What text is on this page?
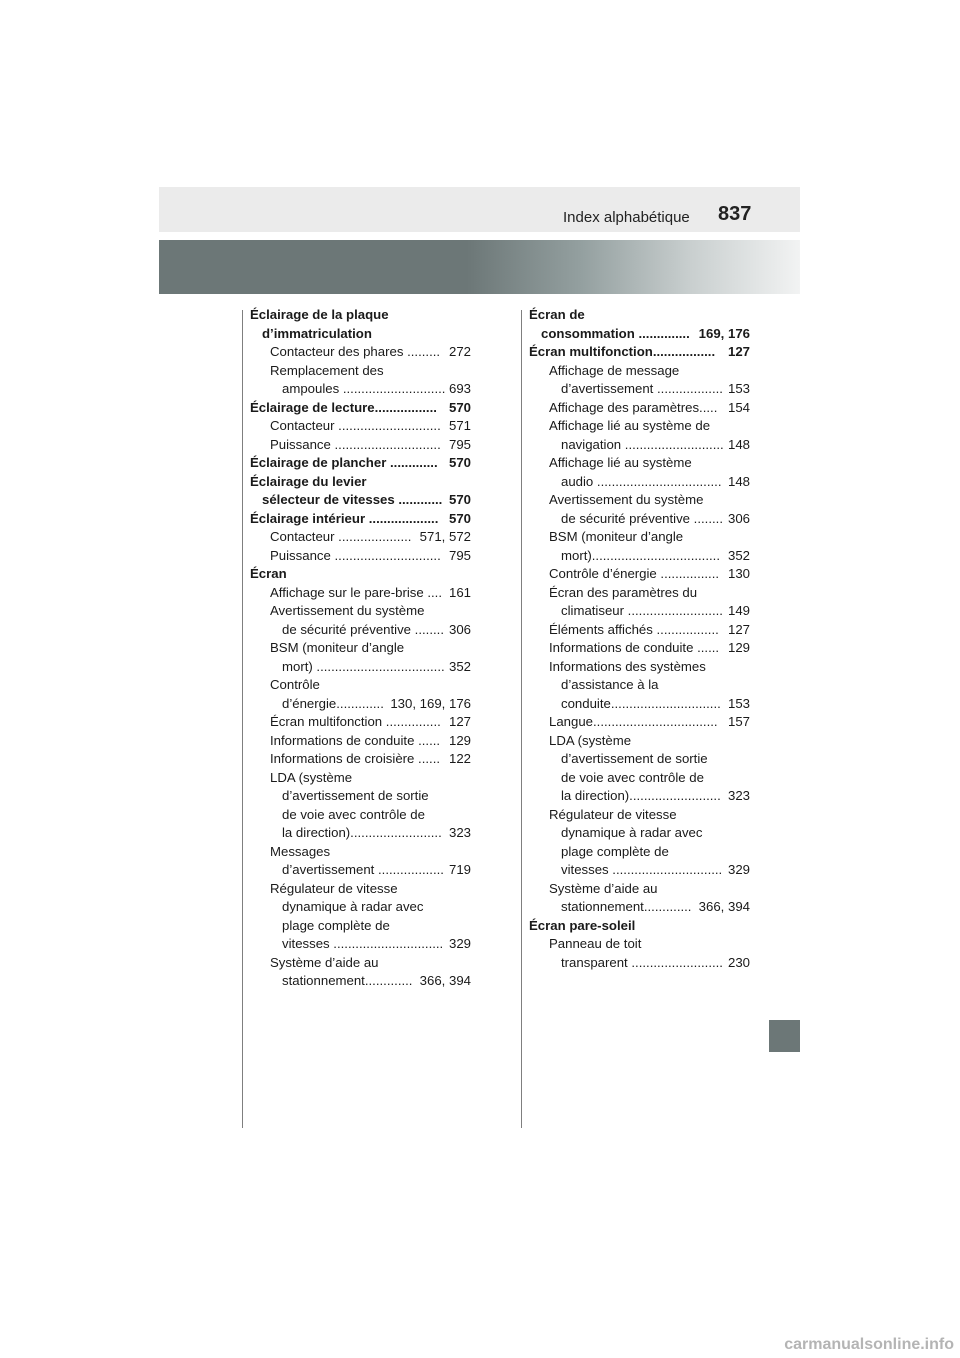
Index alphabétique 837
Éclairage de la plaque
d’immatriculation
Contacteur des phares ......... 272
Remplacement des
ampoules ............................ 693
Éclairage de lecture................. 570
Contacteur ............................ 571
Puissance ............................. 795
Éclairage de plancher ............. 570
Éclairage du levier
sélecteur de vitesses ............ 570
Éclairage intérieur ................... 570
Contacteur .................... 571, 572
Puissance ............................. 795
Écran
Affichage sur le pare-brise .... 161
Avertissement du système
de sécurité préventive ........ 306
BSM (moniteur d’angle
mort) ................................... 352
Contrôle
d’énergie............. 130, 169, 176
Écran multifonction ............... 127
Informations de conduite ...... 129
Informations de croisière ...... 122
LDA (système
d’avertissement de sortie
de voie avec contrôle de
la direction)......................... 323
Messages
d’avertissement .................. 719
Régulateur de vitesse
dynamique à radar avec
plage complète de
vitesses .............................. 329
Système d’aide au
stationnement............. 366, 394
Écran de
consommation .............. 169, 176
Écran multifonction................. 127
Affichage de message
d’avertissement .................. 153
Affichage des paramètres..... 154
Affichage lié au système de
navigation ........................... 148
Affichage lié au système
audio .................................. 148
Avertissement du système
de sécurité préventive ........ 306
BSM (moniteur d’angle
mort)................................... 352
Contrôle d’énergie ................ 130
Écran des paramètres du
climatiseur .......................... 149
Éléments affichés ................. 127
Informations de conduite ...... 129
Informations des systèmes
d’assistance à la
conduite.............................. 153
Langue.................................. 157
LDA (système
d’avertissement de sortie
de voie avec contrôle de
la direction)......................... 323
Régulateur de vitesse
dynamique à radar avec
plage complète de
vitesses .............................. 329
Système d’aide au
stationnement............. 366, 394
Écran pare-soleil
Panneau de toit
transparent ......................... 230
carmanualsonline.info
